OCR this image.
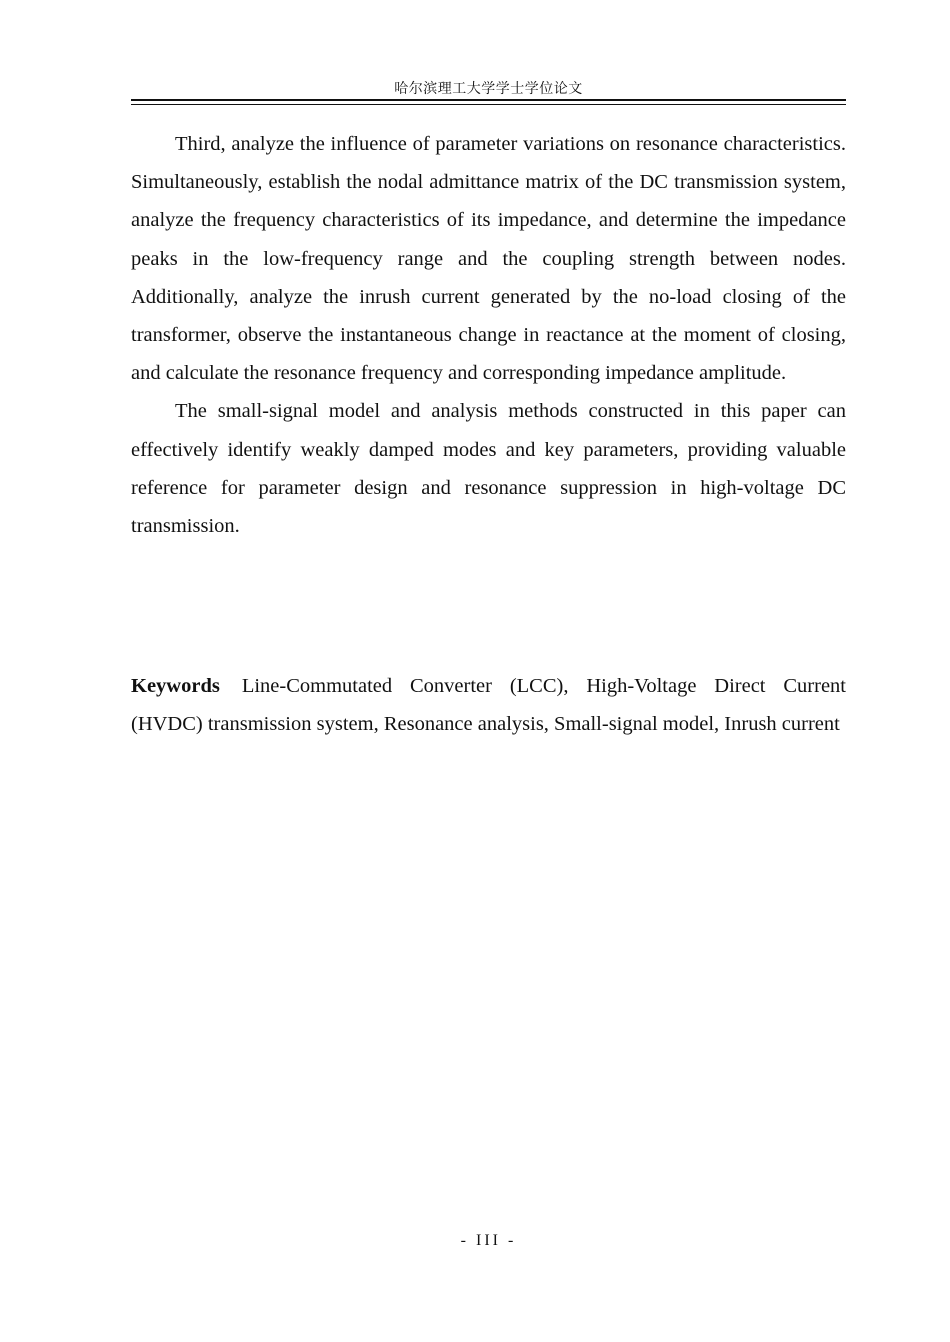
哈尔滨理工大学学士学位论文

Third, analyze the influence of parameter variations on resonance characteristics. Simultaneously, establish the nodal admittance matrix of the DC transmission system, analyze the frequency characteristics of its impedance, and determine the impedance peaks in the low-frequency range and the coupling strength between nodes. Additionally, analyze the inrush current generated by the no-load closing of the transformer, observe the instantaneous change in reactance at the moment of closing, and calculate the resonance frequency and corresponding impedance amplitude.

The small-signal model and analysis methods constructed in this paper can effectively identify weakly damped modes and key parameters, providing valuable reference for parameter design and resonance suppression in high-voltage DC transmission.

Keywords Line-Commutated Converter (LCC), High-Voltage Direct Current (HVDC) transmission system, Resonance analysis, Small-signal model, Inrush current

- III -
